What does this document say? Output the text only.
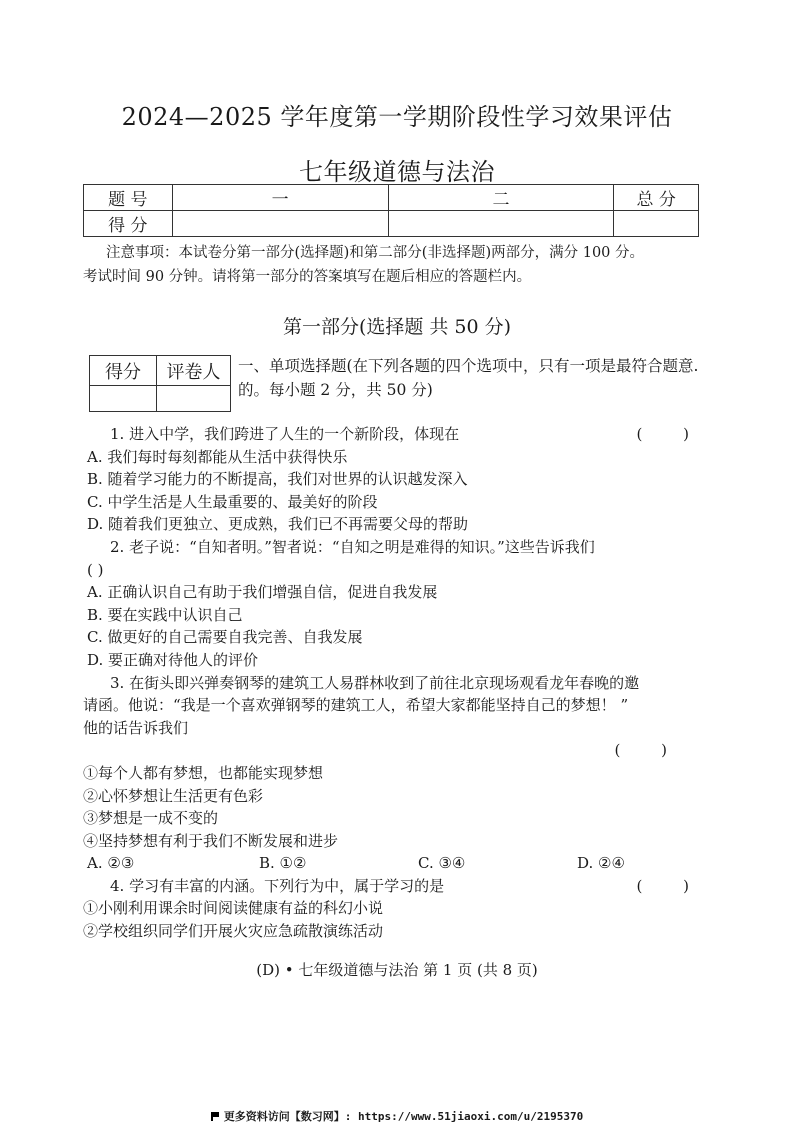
2024—2025 学年度第一学期阶段性学习效果评估
七年级道德与法治
题 号	一	二	总 分
得 分			
注意事项：本试卷分第一部分(选择题)和第二部分(非选择题)两部分，满分 100 分。
考试时间 90 分钟。请将第一部分的答案填写在题后相应的答题栏内。
第一部分(选择题 共 50 分)
得分	评卷人
	一、单项选择题(在下列各题的四个选项中，只有一项是最符合题意.的。每小题 2 分，共 50 分)
1. 进入中学，我们跨进了人生的一个新阶段，体现在	( )
A. 我们每时每刻都能从生活中获得快乐
B. 随着学习能力的不断提高，我们对世界的认识越发深入
C. 中学生活是人生最重要的、最美好的阶段
D. 随着我们更独立、更成熟，我们已不再需要父母的帮助
2. 老子说：“自知者明。”智者说：“自知之明是难得的知识。”这些告诉我们
( )
A. 正确认识自己有助于我们增强自信，促进自我发展
B. 要在实践中认识自己
C. 做更好的自己需要自我完善、自我发展
D. 要正确对待他人的评价
3. 在街头即兴弹奏钢琴的建筑工人易群林收到了前往北京现场观看龙年春晚的邀
请函。他说：“我是一个喜欢弹钢琴的建筑工人，希望大家都能坚持自己的梦想！ ”
他的话告诉我们
( )
①每个人都有梦想，也都能实现梦想
②心怀梦想让生活更有色彩
③梦想是一成不变的
④坚持梦想有利于我们不断发展和进步
A. ②③	B. ①②	C. ③④	D. ②④
4. 学习有丰富的内涵。下列行为中，属于学习的是	( )
①小刚利用课余时间阅读健康有益的科幻小说
②学校组织同学们开展火灾应急疏散演练活动
(D) • 七年级道德与法治 第 1 页 (共 8 页)
更多资料访问【数习网】: https://www.51jiaoxi.com/u/2195370
